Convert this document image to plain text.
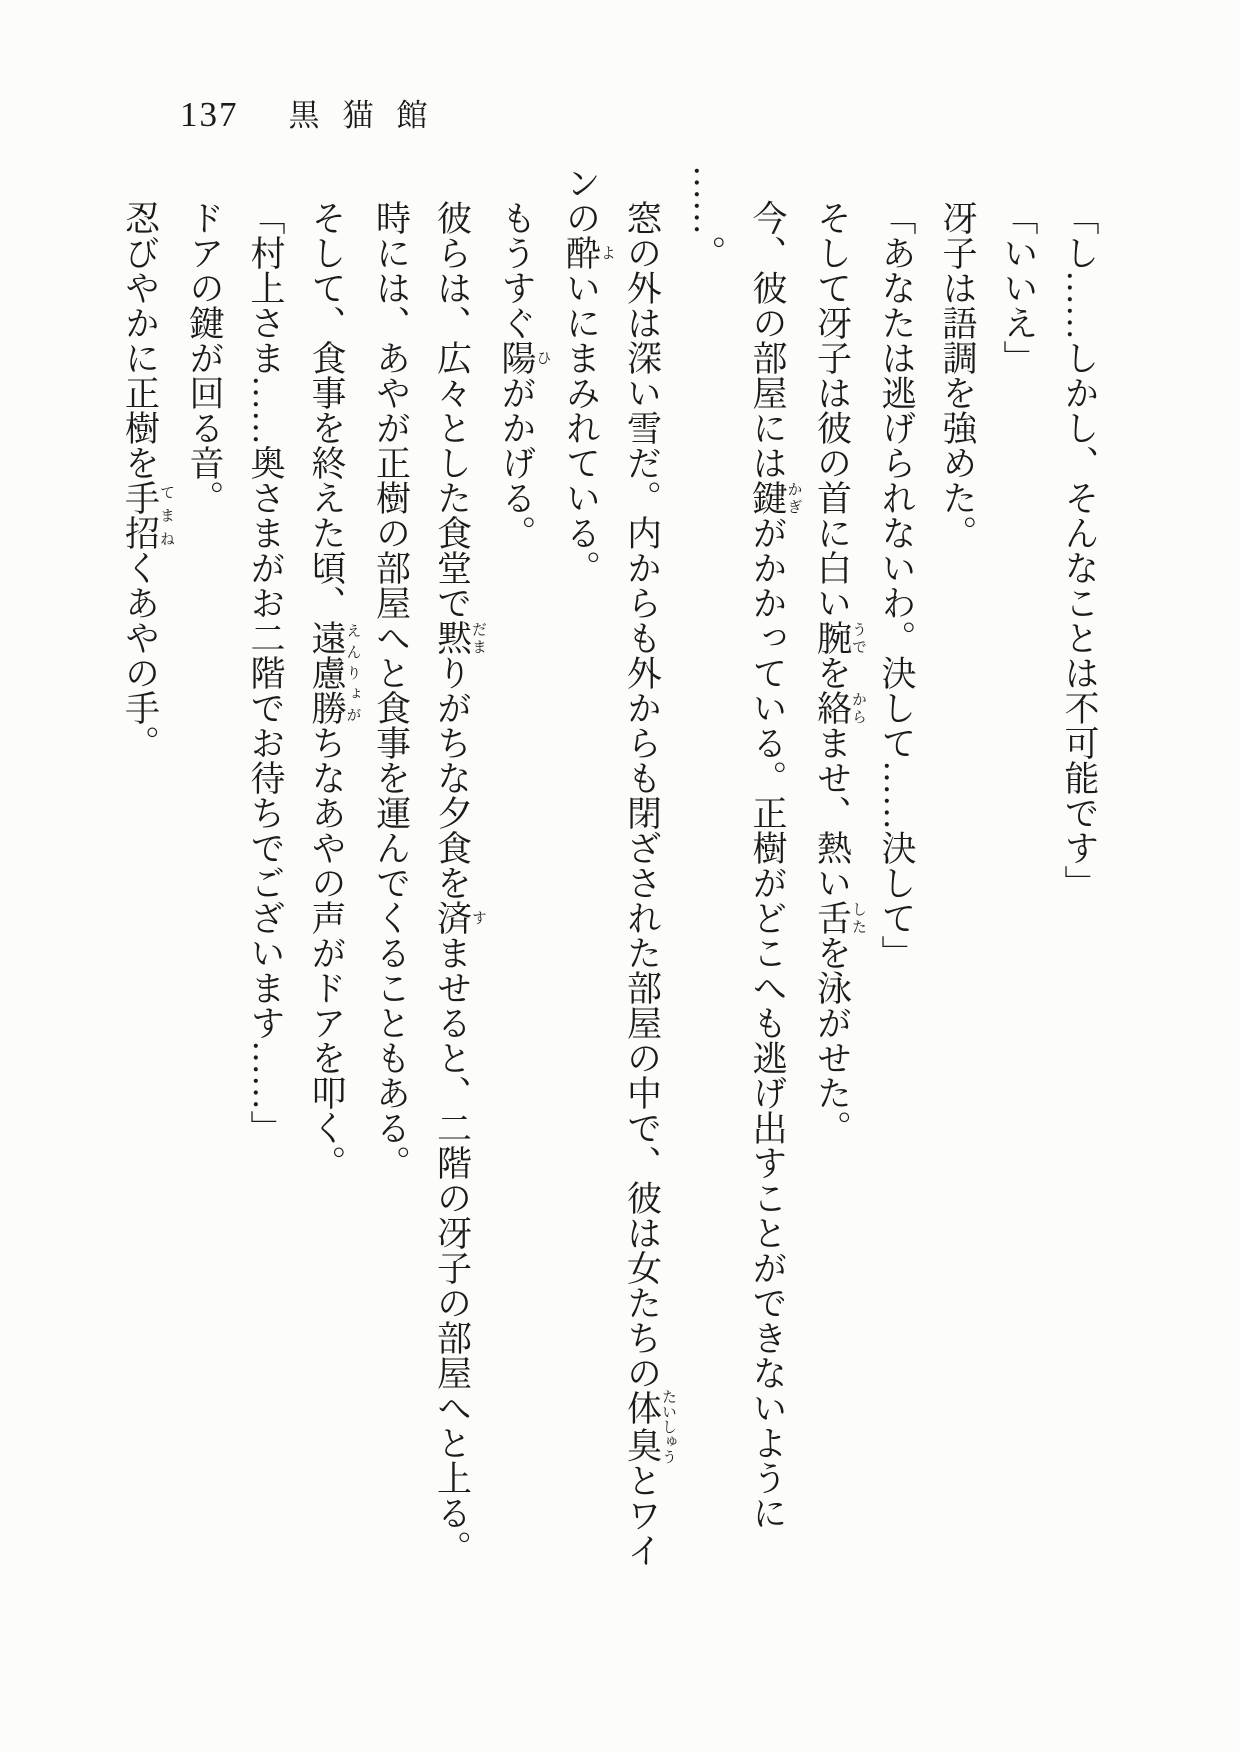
137 黒猫館

「し……しかし、そんなことは不可能です」

「いいえ」

冴子は語調を強めた。

「あなたは逃げられないわ。決して……決して」

そして冴子は彼の首に白い腕うでを絡からませ、熱い舌したを泳がせた。

今、彼の部屋には鍵かぎがかかっている。正樹がどこへも逃げ出すことができないように
……。

窓の外は深い雪だ。内からも外からも閉ざされた部屋の中で、彼は女たちの体臭たいしゅうとワインの酔よいにまみれている。

もうすぐ陽ひがかげる。

彼らは、広々とした食堂で黙だまりがちな夕食を済すませると、二階の冴子の部屋へと上る。

時には、あやが正樹の部屋へと食事を運んでくることもある。

そして、食事を終えた頃、遠慮勝えんりょがちなあやの声がドアを叩く。

「村上さま……奥さまがお二階でお待ちでございます……」

ドアの鍵が回る音。

忍びやかに正樹を手招てまねくあやの手。
